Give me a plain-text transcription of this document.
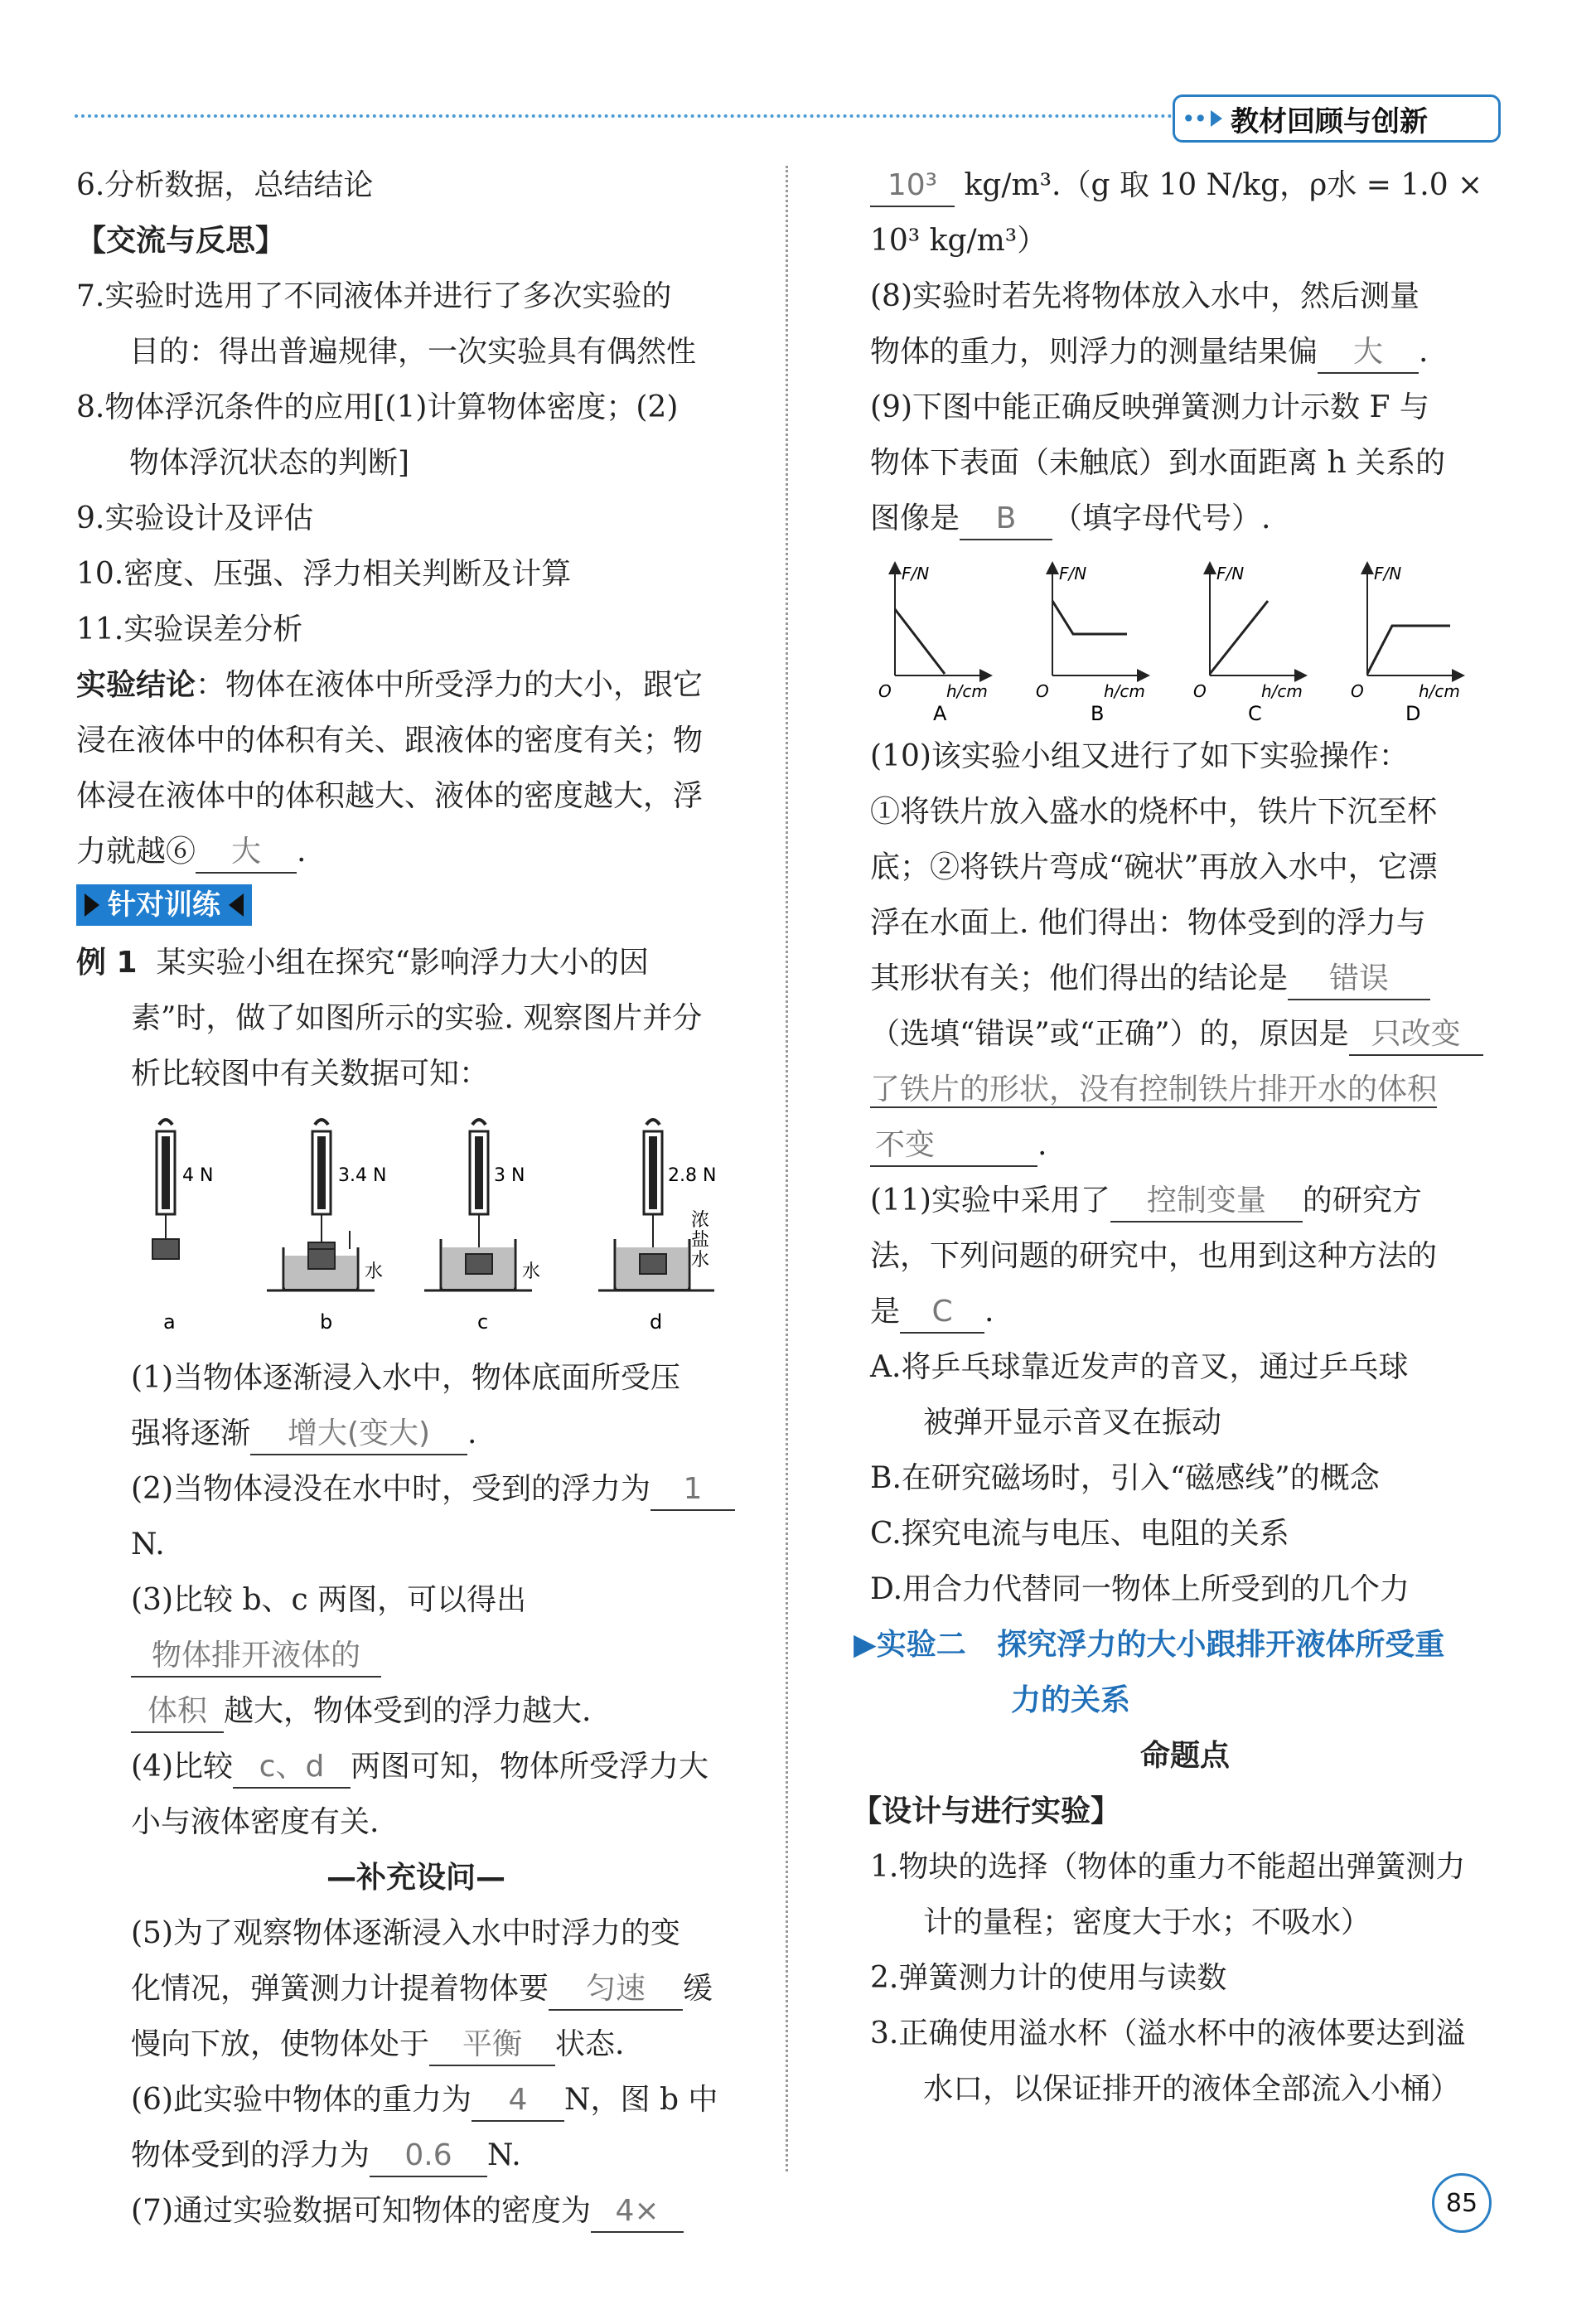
•• 教材回顾与创新

6.分析数据，总结结论

【交流与反思】

7.实验时选用了不同液体并进行了多次实验的

目的：得出普遍规律，一次实验具有偶然性

8.物体浮沉条件的应用[(1)计算物体密度；(2)

物体浮沉状态的判断]

9.实验设计及评估

10.密度、压强、浮力相关判断及计算

11.实验误差分析

实验结论：物体在液体中所受浮力的大小，跟它

浸在液体中的体积有关、跟液体的密度有关；物

体浸在液体中的体积越大、液体的密度越大，浮

力就越⑥ 大 .

针对训练

例 1 某实验小组在探究“影响浮力大小的因

素”时，做了如图所示的实验. 观察图片并分

析比较图中有关数据可知：

4 N
a
3.4 N
水
b
3 N
水
c
2.8 N
浓
盐
水
d

(1)当物体逐渐浸入水中，物体底面所受压

强将逐渐 增大(变大) .

(2)当物体浸没在水中时，受到的浮力为 1N.

(3)比较 b、c 两图，可以得出物体排开液体的

体积 越大，物体受到的浮力越大.

(4)比较 c、d 两图可知，物体所受浮力大

小与液体密度有关.

—补充设问—

(5)为了观察物体逐渐浸入水中时浮力的变

化情况，弹簧测力计提着物体要 匀速 缓

慢向下放，使物体处于 平衡 状态.

(6)此实验中物体的重力为 4 N，图 b 中

物体受到的浮力为 0.6 N.

(7)通过实验数据可知物体的密度为 4×

10³ kg/m³.（g 取 10 N/kg，ρ水 = 1.0 ×

10³ kg/m³）

(8)实验时若先将物体放入水中，然后测量

物体的重力，则浮力的测量结果偏 大 .

(9)下图中能正确反映弹簧测力计示数 F 与

物体下表面（未触底）到水面距离 h 关系的

图像是 B （填字母代号）.

F/N
O	h/cm
A
F/N
O	h/cm
B
F/N
O	h/cm
C
F/N
O	h/cm
D

(10)该实验小组又进行了如下实验操作：

①将铁片放入盛水的烧杯中，铁片下沉至杯

底；②将铁片弯成“碗状”再放入水中，它漂

浮在水面上. 他们得出：物体受到的浮力与

其形状有关；他们得出的结论是 错误

（选填“错误”或“正确”）的，原因是 只改变

了铁片的形状，没有控制铁片排开水的体积

不变	.

(11)实验中采用了 控制变量 的研究方

法，下列问题的研究中，也用到这种方法的

是 C .

A.将乒乓球靠近发声的音叉，通过乒乓球

被弹开显示音叉在振动

B.在研究磁场时，引入“磁感线”的概念

C.探究电流与电压、电阻的关系

D.用合力代替同一物体上所受到的几个力

▶实验二 探究浮力的大小跟排开液体所受重

力的关系

命题点

【设计与进行实验】

1.物块的选择（物体的重力不能超出弹簧测力

计的量程；密度大于水；不吸水）

2.弹簧测力计的使用与读数

3.正确使用溢水杯（溢水杯中的液体要达到溢

水口，以保证排开的液体全部流入小桶）

85
